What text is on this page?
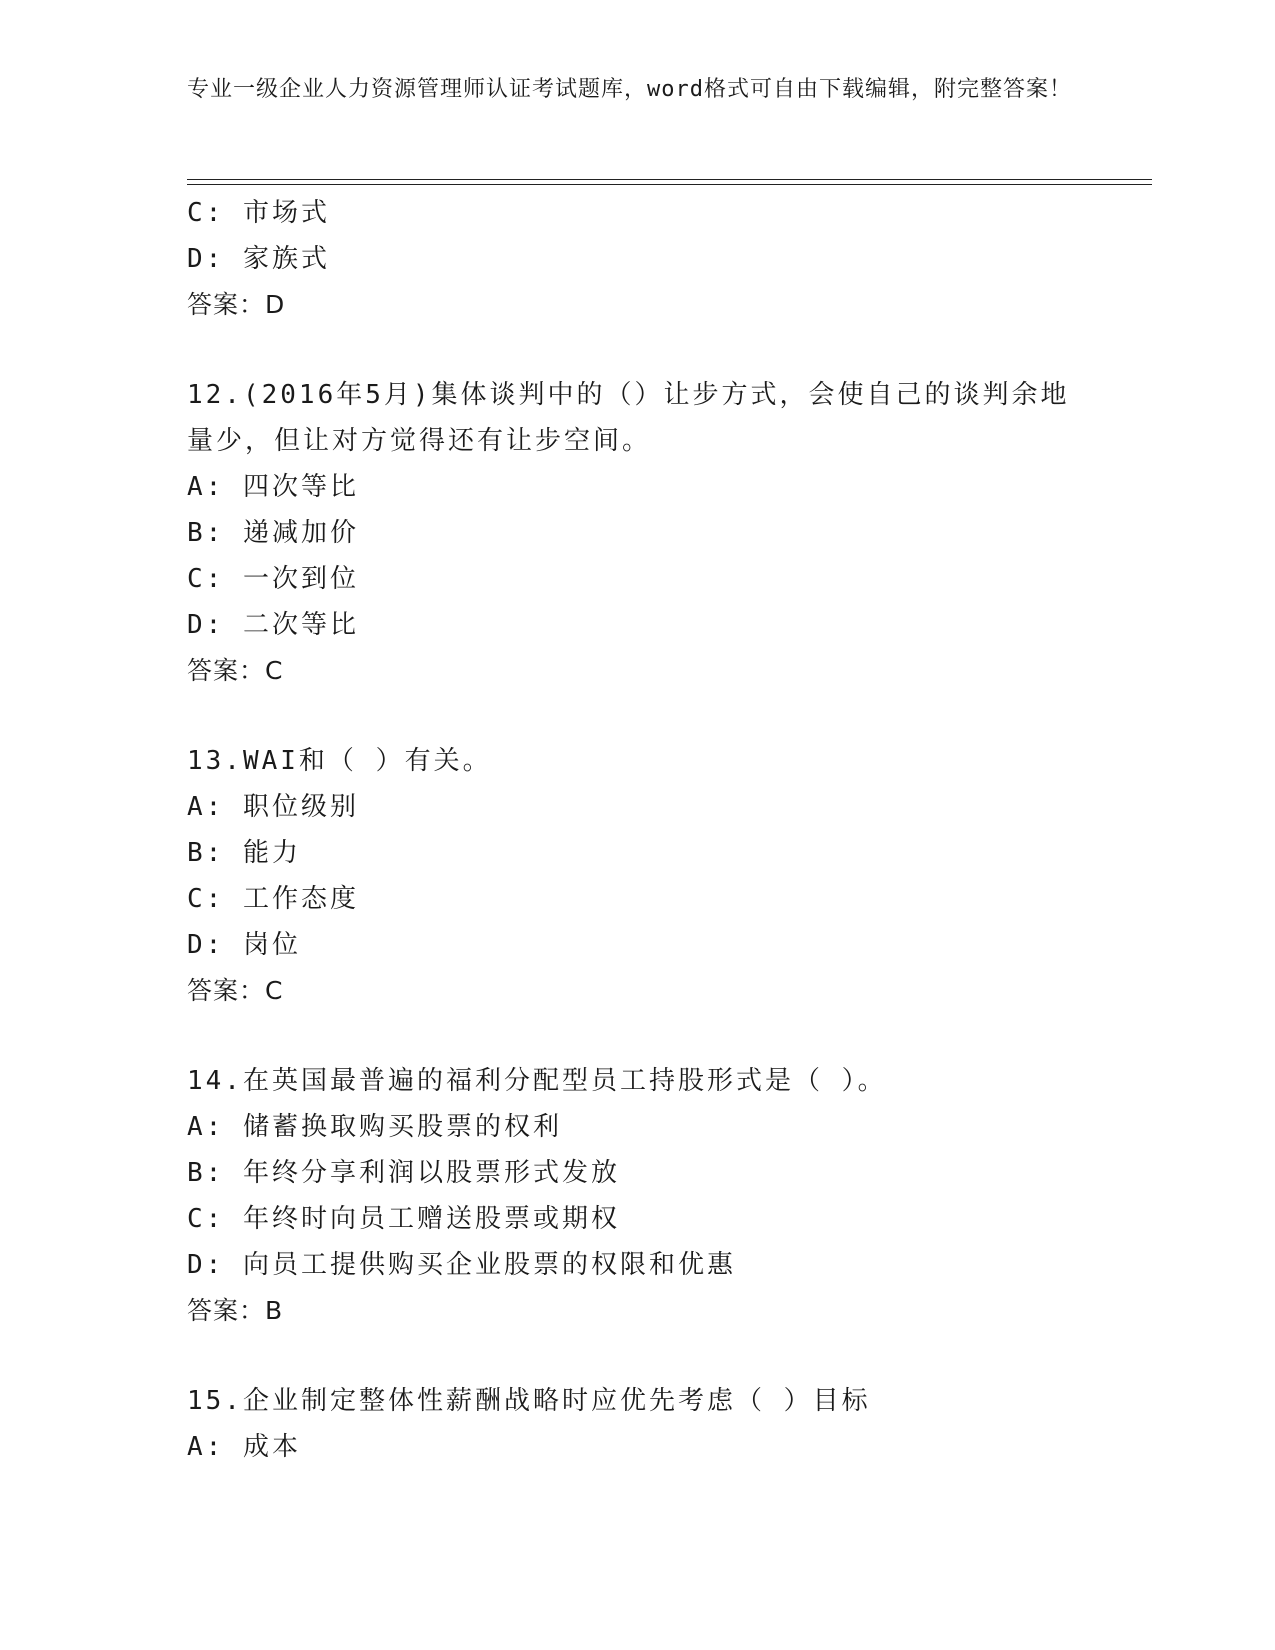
专业一级企业人力资源管理师认证考试题库，word格式可自由下载编辑，附完整答案！
C: 市场式
D: 家族式
答案：D
12.(2016年5月)集体谈判中的（）让步方式，会使自己的谈判余地量少，但让对方觉得还有让步空间。
A: 四次等比
B: 递减加价
C: 一次到位
D: 二次等比
答案：C
13.WAI和（ ）有关。
A: 职位级别
B: 能力
C: 工作态度
D: 岗位
答案：C
14.在英国最普遍的福利分配型员工持股形式是（ ）。
A: 储蓄换取购买股票的权利
B: 年终分享利润以股票形式发放
C: 年终时向员工赠送股票或期权
D: 向员工提供购买企业股票的权限和优惠
答案：B
15.企业制定整体性薪酬战略时应优先考虑（ ）目标
A: 成本
